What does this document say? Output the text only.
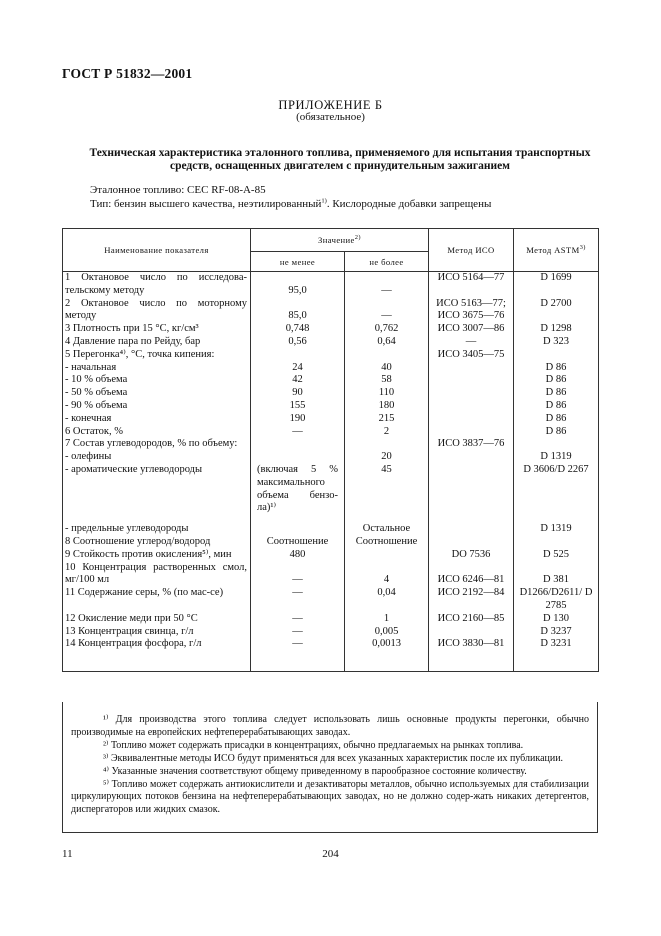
ГОСТ Р 51832—2001
ПРИЛОЖЕНИЕ Б
(обязательное)
Техническая характеристика эталонного топлива, применяемого для испытания транспортных средств, оснащенных двигателем с принудительным зажиганием
Эталонное топливо: CEC RF-08-A-85
Тип: бензин высшего качества, неэтилированный$^{1)}$. Кислородные добавки запрещены
Наименование показателя	Значение$^{2)}$		Метод ИСО	Метод ASTM$^{3)}$
	не менее	не более		
1 Октановое число по исследова-тельскому методу	95,0	—	ИСО 5164—77	D 1699
2 Октановое число по моторному методу	85,0	—	ИСО 5163—77; ИСО 3675—76	D 2700
3 Плотность при 15 °С, кг/см³	0,748	0,762	ИСО 3007—86	D 1298
4 Давление пара по Рейду, бар	0,56	0,64	—	D 323
5 Перегонка⁴⁾, °С, точка кипения:			ИСО 3405—75	
- начальная	24	40		D 86
- 10 % объема	42	58		D 86
- 50 % объема	90	110		D 86
- 90 % объема	155	180		D 86
- конечная	190	215		D 86
6 Остаток, %	—	2		D 86
7 Состав углеводородов, % по объему:			ИСО 3837—76	
- олефины		20		D 1319
- ароматические углеводороды	(включая 5 % максимального объема бензо-ла)¹⁾	45		D 3606/D 2267
- предельные углеводороды		Остальное		D 1319
8 Соотношение углерод/водород	Соотношение	Соотношение		
9 Стойкость против окисления⁵⁾, мин	480		DO 7536	D 525
10 Концентрация растворенных смол, мг/100 мл	—	4	ИСО 6246—81	D 381
11 Содержание серы, % (по мас-се)	—	0,04	ИСО 2192—84	D1266/D2611/ D 2785
12 Окисление меди при 50 °С	—	1	ИСО 2160—85	D 130
13 Концентрация свинца, г/л	—	0,005		D 3237
14 Концентрация фосфора, г/л	—	0,0013	ИСО 3830—81	D 3231

¹⁾ Для производства этого топлива следует использовать лишь основные продукты перегонки, обычно производимые на европейских нефтеперерабатывающих заводах.

²⁾ Топливо может содержать присадки в концентрациях, обычно предлагаемых на рынках топлива.

³⁾ Эквивалентные методы ИСО будут применяться для всех указанных характеристик после их публикации.

⁴⁾ Указанные значения соответствуют общему приведенному в парообразное состояние количеству.

⁵⁾ Топливо может содержать антиокислители и дезактиваторы металлов, обычно используемых для стабилизации циркулирующих потоков бензина на нефтеперерабатывающих заводах, но не должно содер-жать никаких детергентов, диспергаторов или жидких смазок.

11	204
